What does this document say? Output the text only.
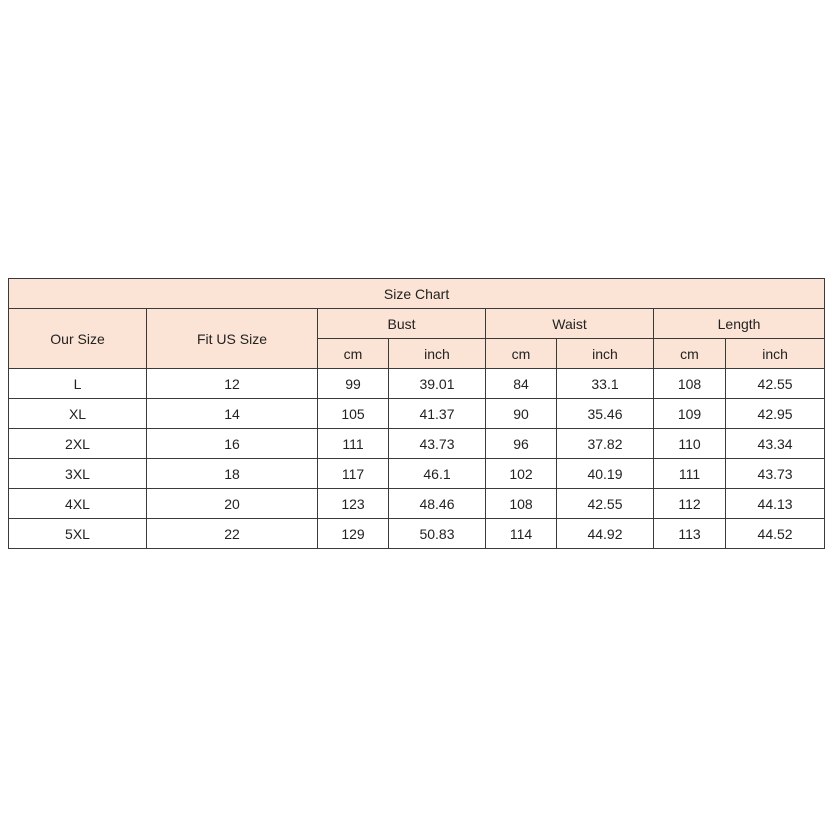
Size Chart							
Our Size	Fit US Size	Bust		Waist		Length	
		cm	inch	cm	inch	cm	inch
L	12	99	39.01	84	33.1	108	42.55
XL	14	105	41.37	90	35.46	109	42.95
2XL	16	111	43.73	96	37.82	110	43.34
3XL	18	117	46.1	102	40.19	111	43.73
4XL	20	123	48.46	108	42.55	112	44.13
5XL	22	129	50.83	114	44.92	113	44.52
